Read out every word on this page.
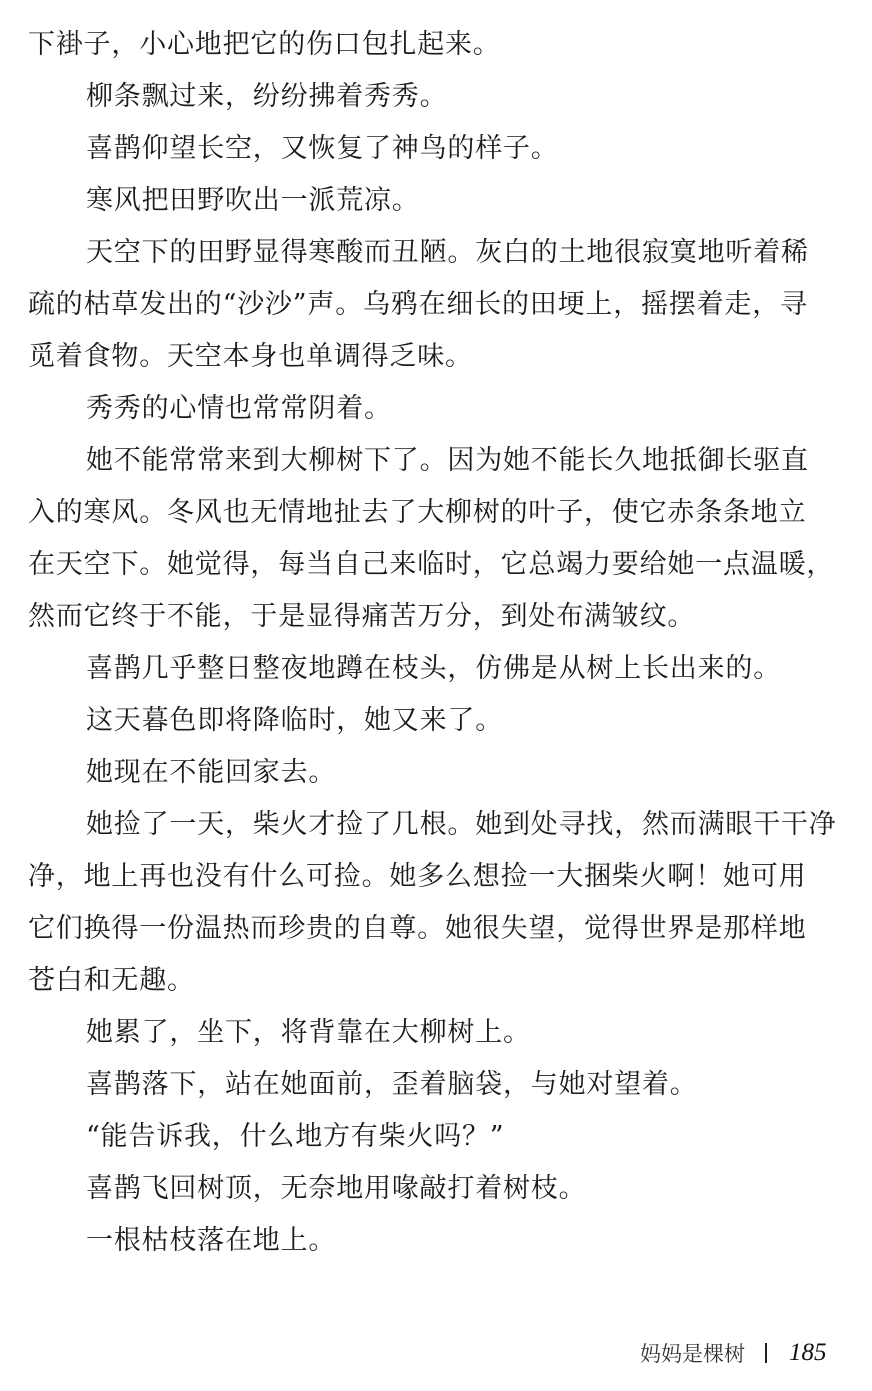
下褂子，小心地把它的伤口包扎起来。
柳条飘过来，纷纷拂着秀秀。
喜鹊仰望长空，又恢复了神鸟的样子。
寒风把田野吹出一派荒凉。
天空下的田野显得寒酸而丑陋。灰白的土地很寂寞地听着稀
疏的枯草发出的“沙沙”声。乌鸦在细长的田埂上，摇摆着走，寻
觅着食物。天空本身也单调得乏味。
秀秀的心情也常常阴着。
她不能常常来到大柳树下了。因为她不能长久地抵御长驱直
入的寒风。冬风也无情地扯去了大柳树的叶子，使它赤条条地立
在天空下。她觉得，每当自己来临时，它总竭力要给她一点温暖，
然而它终于不能，于是显得痛苦万分，到处布满皱纹。
喜鹊几乎整日整夜地蹲在枝头，仿佛是从树上长出来的。
这天暮色即将降临时，她又来了。
她现在不能回家去。
她捡了一天，柴火才捡了几根。她到处寻找，然而满眼干干净
净，地上再也没有什么可捡。她多么想捡一大捆柴火啊！她可用
它们换得一份温热而珍贵的自尊。她很失望，觉得世界是那样地
苍白和无趣。
她累了，坐下，将背靠在大柳树上。
喜鹊落下，站在她面前，歪着脑袋，与她对望着。
“能告诉我，什么地方有柴火吗？”
喜鹊飞回树顶，无奈地用喙敲打着树枝。
一根枯枝落在地上。
妈妈是棵树 185
